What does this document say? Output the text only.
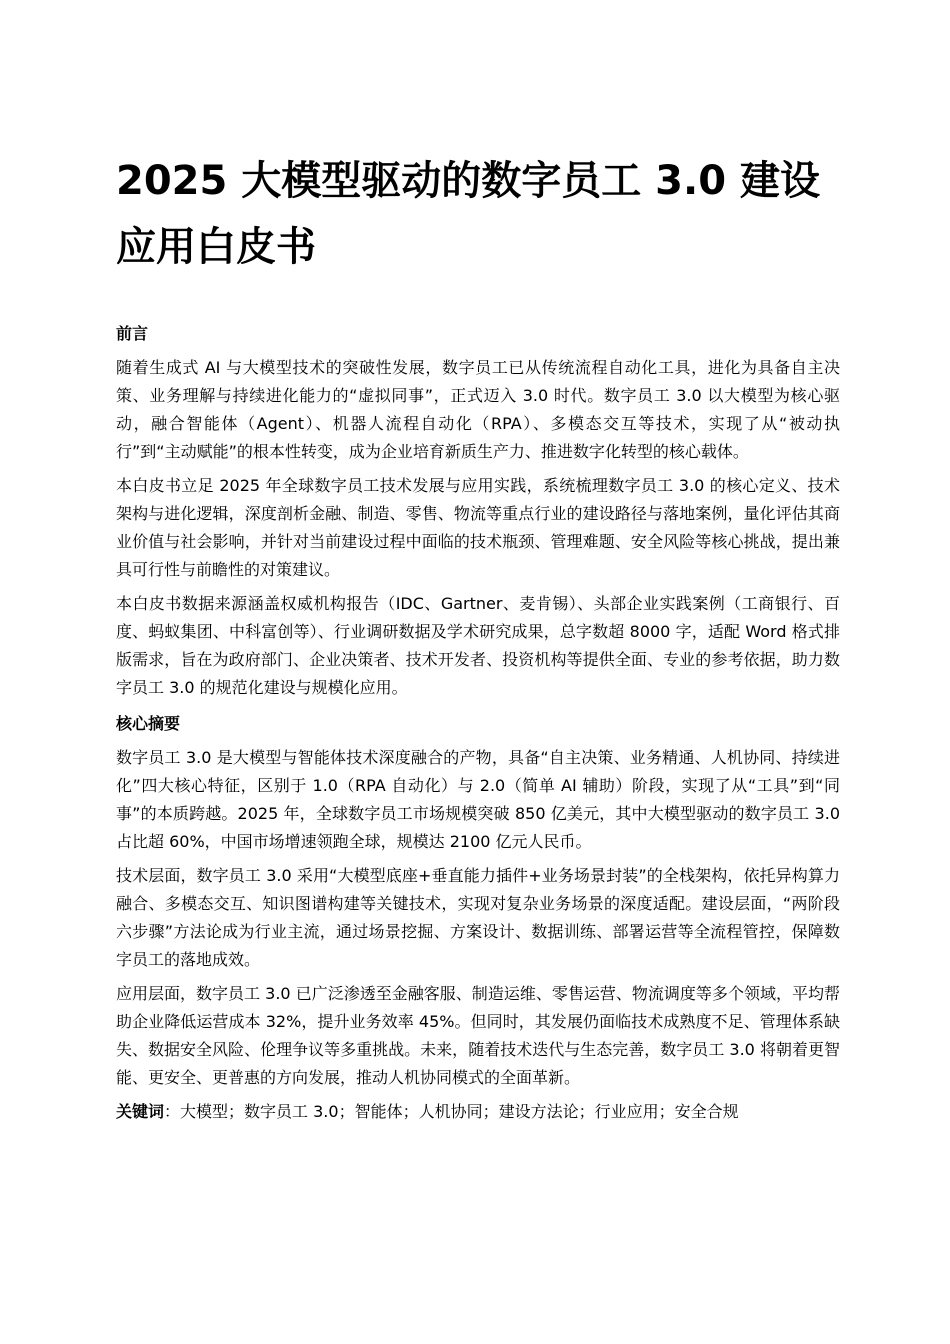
2025 大模型驱动的数字员工 3.0 建设应用白皮书
前言

随着生成式 AI 与大模型技术的突破性发展，数字员工已从传统流程自动化工具，进化为具备自主决策、业务理解与持续进化能力的“虚拟同事”，正式迈入 3.0 时代。数字员工 3.0 以大模型为核心驱动，融合智能体（Agent）、机器人流程自动化（RPA）、多模态交互等技术，实现了从“被动执行”到“主动赋能”的根本性转变，成为企业培育新质生产力、推进数字化转型的核心载体。

本白皮书立足 2025 年全球数字员工技术发展与应用实践，系统梳理数字员工 3.0 的核心定义、技术架构与进化逻辑，深度剖析金融、制造、零售、物流等重点行业的建设路径与落地案例，量化评估其商业价值与社会影响，并针对当前建设过程中面临的技术瓶颈、管理难题、安全风险等核心挑战，提出兼具可行性与前瞻性的对策建议。

本白皮书数据来源涵盖权威机构报告（IDC、Gartner、麦肯锡）、头部企业实践案例（工商银行、百度、蚂蚁集团、中科富创等）、行业调研数据及学术研究成果，总字数超 8000 字，适配 Word 格式排版需求，旨在为政府部门、企业决策者、技术开发者、投资机构等提供全面、专业的参考依据，助力数字员工 3.0 的规范化建设与规模化应用。

核心摘要

数字员工 3.0 是大模型与智能体技术深度融合的产物，具备“自主决策、业务精通、人机协同、持续进化”四大核心特征，区别于 1.0（RPA 自动化）与 2.0（简单 AI 辅助）阶段，实现了从“工具”到“同事”的本质跨越。2025 年，全球数字员工市场规模突破 850 亿美元，其中大模型驱动的数字员工 3.0 占比超 60%，中国市场增速领跑全球，规模达 2100 亿元人民币。

技术层面，数字员工 3.0 采用“大模型底座+垂直能力插件+业务场景封装”的全栈架构，依托异构算力融合、多模态交互、知识图谱构建等关键技术，实现对复杂业务场景的深度适配。建设层面，“两阶段六步骤”方法论成为行业主流，通过场景挖掘、方案设计、数据训练、部署运营等全流程管控，保障数字员工的落地成效。

应用层面，数字员工 3.0 已广泛渗透至金融客服、制造运维、零售运营、物流调度等多个领域，平均帮助企业降低运营成本 32%，提升业务效率 45%。但同时，其发展仍面临技术成熟度不足、管理体系缺失、数据安全风险、伦理争议等多重挑战。未来，随着技术迭代与生态完善，数字员工 3.0 将朝着更智能、更安全、更普惠的方向发展，推动人机协同模式的全面革新。

关键词：大模型；数字员工 3.0；智能体；人机协同；建设方法论；行业应用；安全合规
